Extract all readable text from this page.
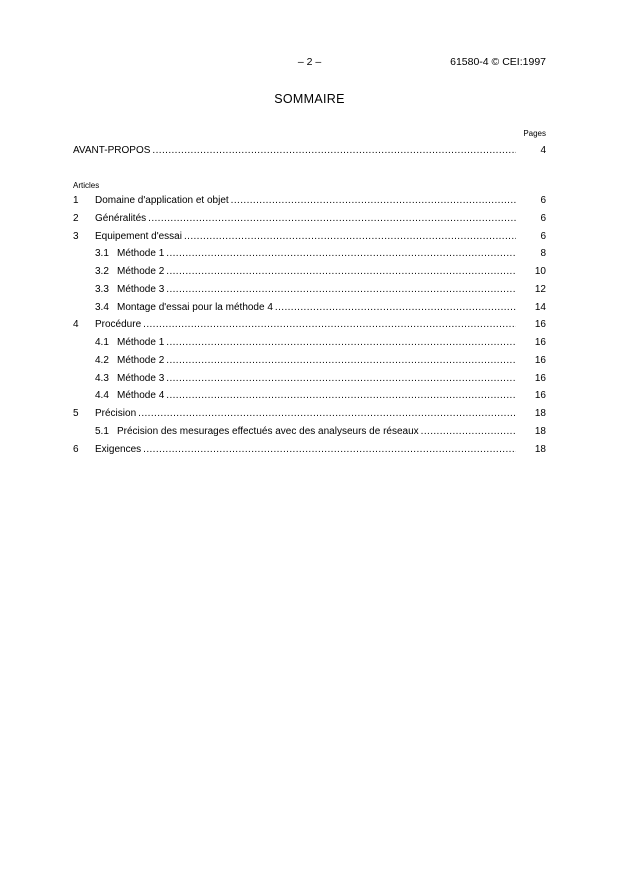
– 2 –	61580-4 © CEI:1997
SOMMAIRE
Pages
AVANT-PROPOS .....	4
Articles
1	Domaine d'application et objet .....	6
2	Généralités .....	6
3	Equipement d'essai .....	6
3.1 Méthode 1 .....	8
3.2 Méthode 2 .....	10
3.3 Méthode 3 .....	12
3.4 Montage d'essai pour la méthode 4 .....	14
4	Procédure .....	16
4.1 Méthode 1 .....	16
4.2 Méthode 2 .....	16
4.3 Méthode 3 .....	16
4.4 Méthode 4 .....	16
5	Précision .....	18
5.1 Précision des mesurages effectués avec des analyseurs de réseaux .....	18
6	Exigences .....	18
